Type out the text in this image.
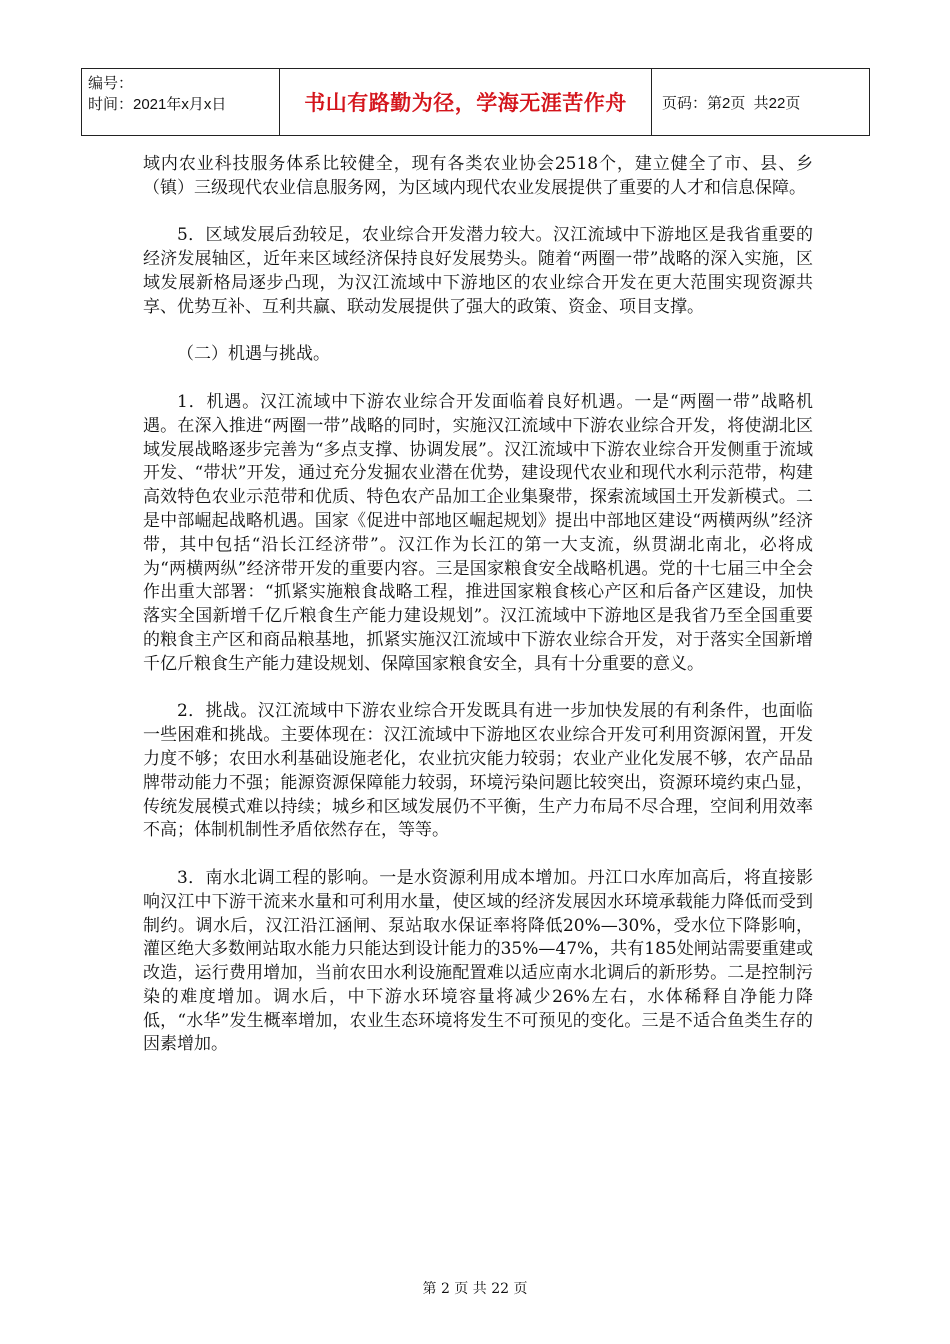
编号：
时间：2021年x月x日	书山有路勤为径，学海无涯苦作舟 页码：第2页  共22页

域内农业科技服务体系比较健全，现有各类农业协会2518个，建立健全了市、县、乡（镇）三级现代农业信息服务网，为区域内现代农业发展提供了重要的人才和信息保障。

5．区域发展后劲较足，农业综合开发潜力较大。汉江流域中下游地区是我省重要的经济发展轴区，近年来区域经济保持良好发展势头。随着“两圈一带”战略的深入实施，区域发展新格局逐步凸现，为汉江流域中下游地区的农业综合开发在更大范围实现资源共享、优势互补、互利共赢、联动发展提供了强大的政策、资金、项目支撑。

（二）机遇与挑战。

1．机遇。汉江流域中下游农业综合开发面临着良好机遇。一是“两圈一带”战略机遇。在深入推进“两圈一带”战略的同时，实施汉江流域中下游农业综合开发，将使湖北区域发展战略逐步完善为“多点支撑、协调发展”。汉江流域中下游农业综合开发侧重于流域开发、“带状”开发，通过充分发掘农业潜在优势，建设现代农业和现代水利示范带，构建高效特色农业示范带和优质、特色农产品加工企业集聚带，探索流域国土开发新模式。二是中部崛起战略机遇。国家《促进中部地区崛起规划》提出中部地区建设“两横两纵”经济带，其中包括“沿长江经济带”。汉江作为长江的第一大支流，纵贯湖北南北，必将成为“两横两纵”经济带开发的重要内容。三是国家粮食安全战略机遇。党的十七届三中全会作出重大部署：“抓紧实施粮食战略工程，推进国家粮食核心产区和后备产区建设，加快落实全国新增千亿斤粮食生产能力建设规划”。汉江流域中下游地区是我省乃至全国重要的粮食主产区和商品粮基地，抓紧实施汉江流域中下游农业综合开发，对于落实全国新增千亿斤粮食生产能力建设规划、保障国家粮食安全，具有十分重要的意义。

2．挑战。汉江流域中下游农业综合开发既具有进一步加快发展的有利条件，也面临一些困难和挑战。主要体现在：汉江流域中下游地区农业综合开发可利用资源闲置，开发力度不够；农田水利基础设施老化，农业抗灾能力较弱；农业产业化发展不够，农产品品牌带动能力不强；能源资源保障能力较弱，环境污染问题比较突出，资源环境约束凸显，传统发展模式难以持续；城乡和区域发展仍不平衡，生产力布局不尽合理，空间利用效率不高；体制机制性矛盾依然存在，等等。

3．南水北调工程的影响。一是水资源利用成本增加。丹江口水库加高后，将直接影响汉江中下游干流来水量和可利用水量，使区域的经济发展因水环境承载能力降低而受到制约。调水后，汉江沿江涵闸、泵站取水保证率将降低20%—30%，受水位下降影响，灌区绝大多数闸站取水能力只能达到设计能力的35%—47%，共有185处闸站需要重建或改造，运行费用增加，当前农田水利设施配置难以适应南水北调后的新形势。二是控制污染的难度增加。调水后，中下游水环境容量将减少26%左右，水体稀释自净能力降低，“水华”发生概率增加，农业生态环境将发生不可预见的变化。三是不适合鱼类生存的因素增加。

第 2 页 共 22 页
